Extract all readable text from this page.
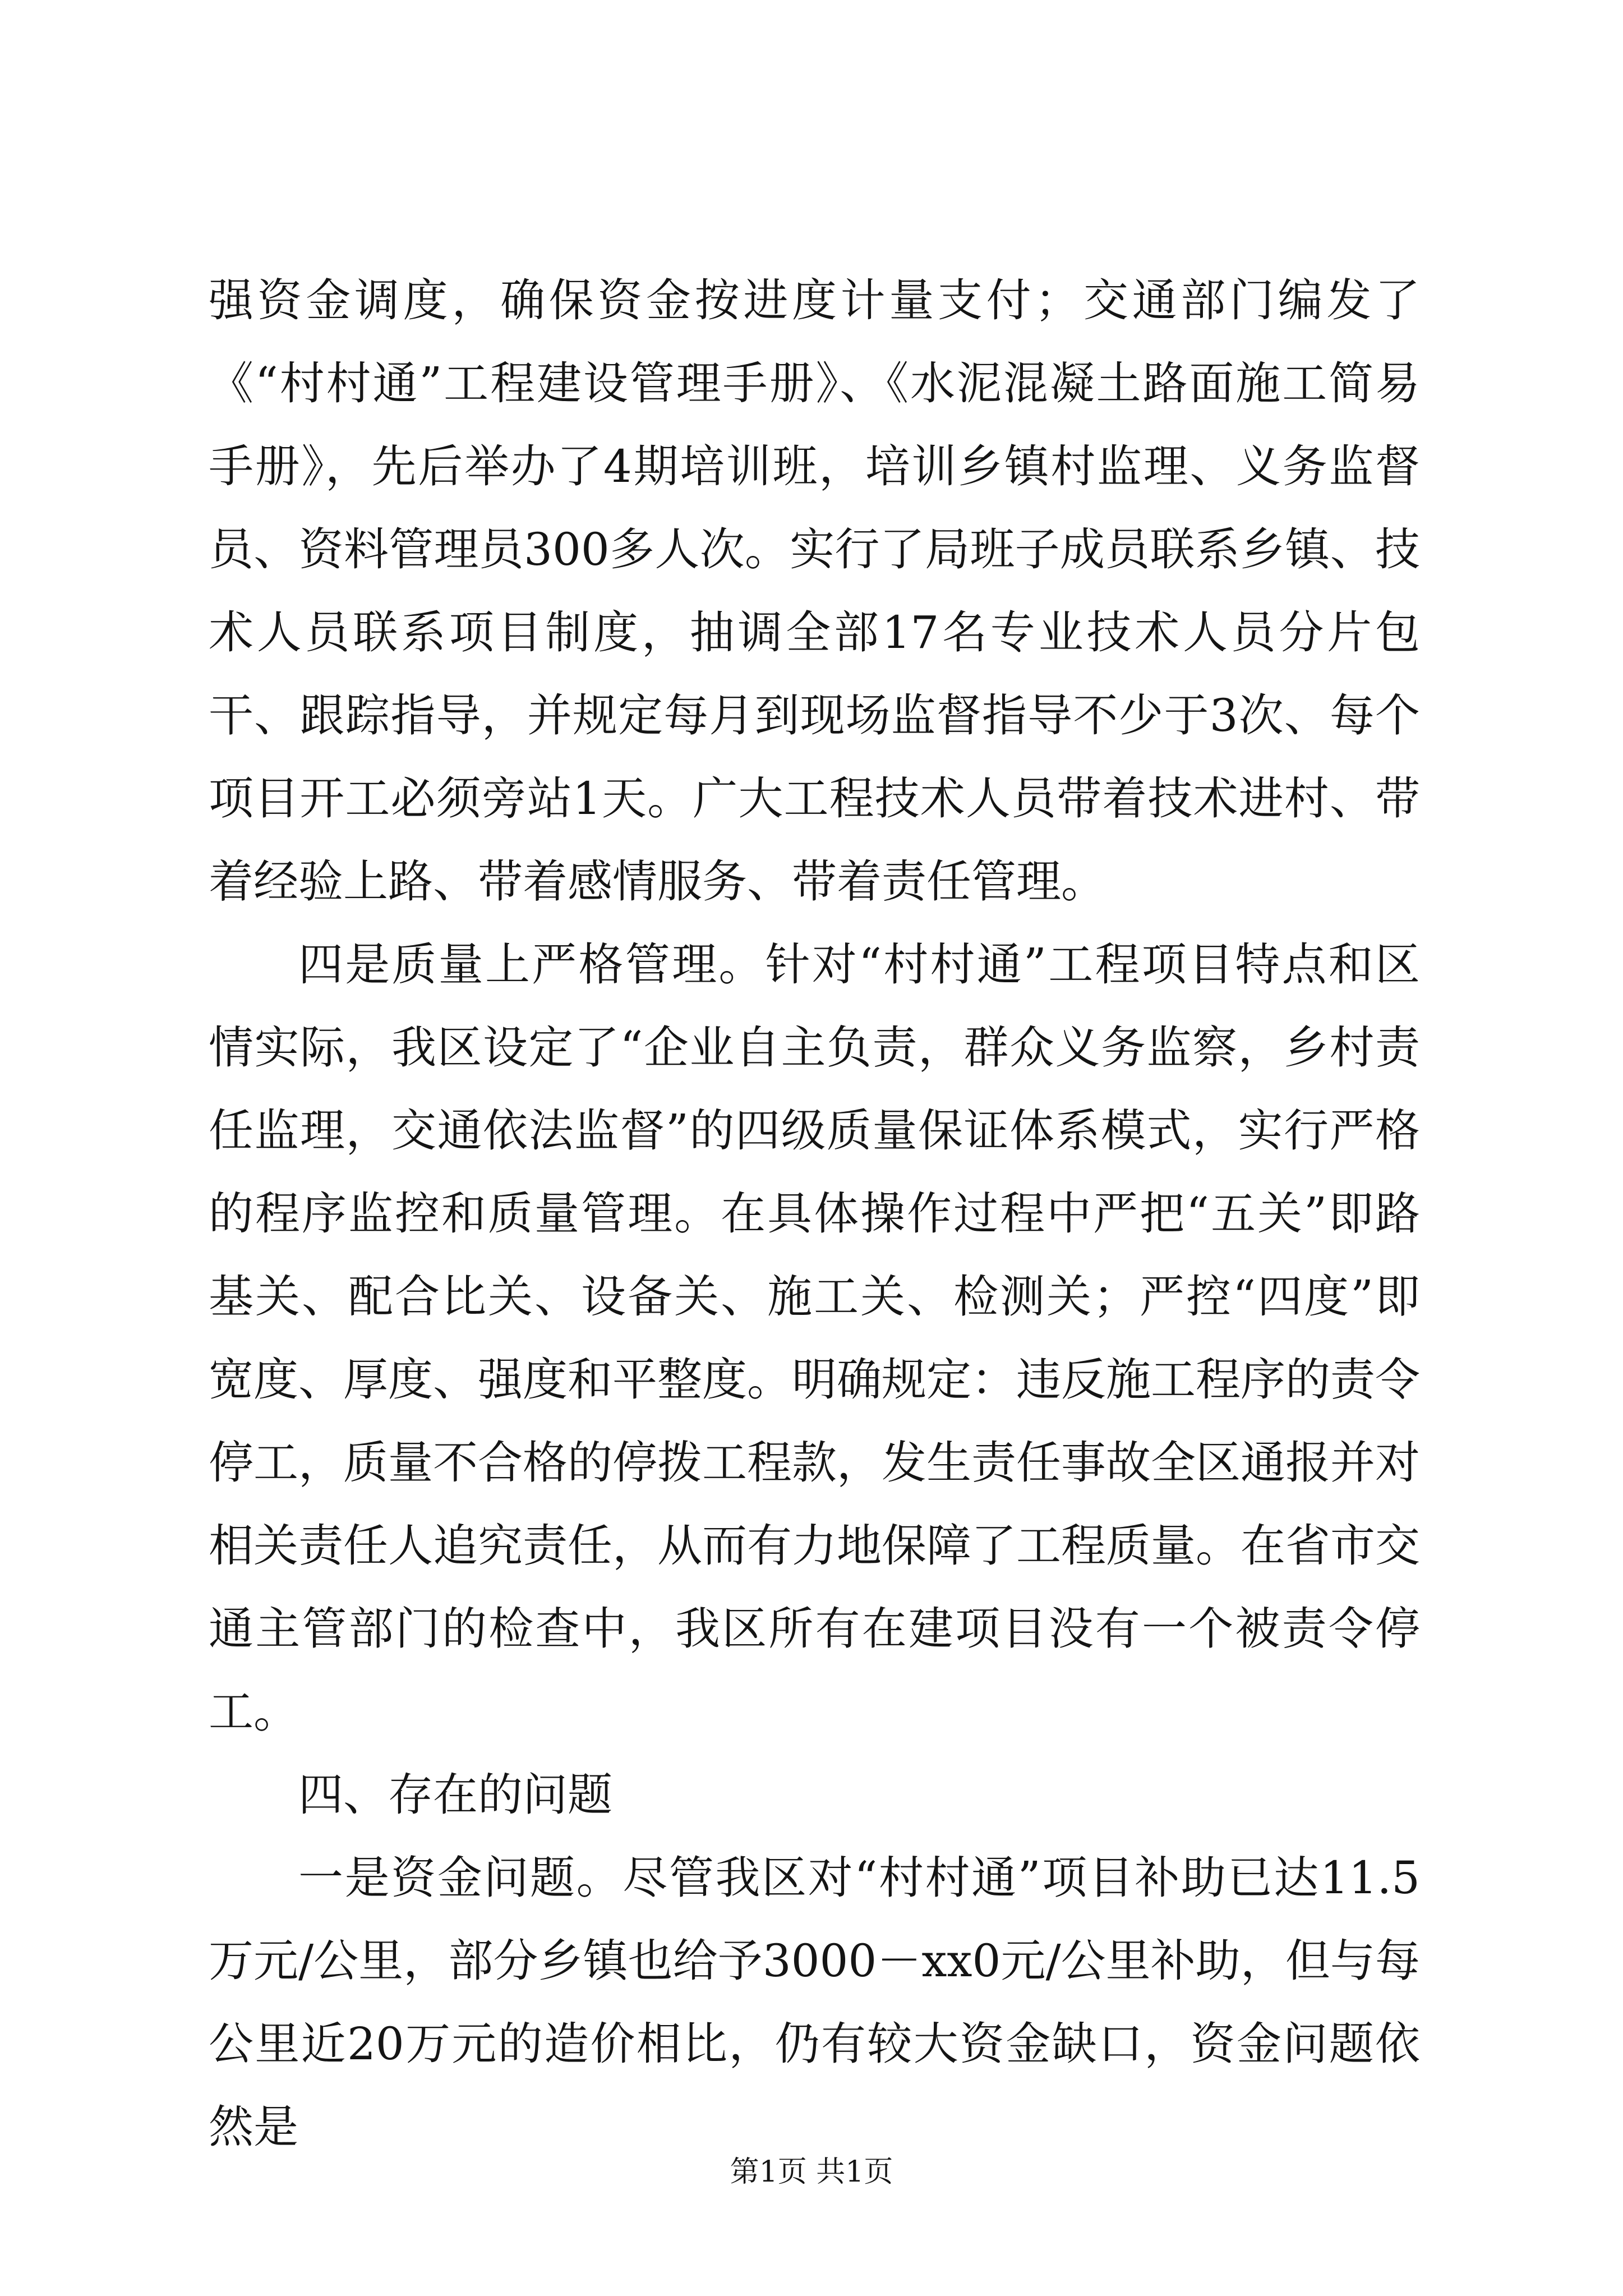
强资金调度，确保资金按进度计量支付；交通部门编发了《“村村通”工程建设管理手册》、《水泥混凝土路面施工简易手册》，先后举办了4期培训班，培训乡镇村监理、义务监督员、资料管理员300多人次。实行了局班子成员联系乡镇、技术人员联系项目制度，抽调全部17名专业技术人员分片包干、跟踪指导，并规定每月到现场监督指导不少于3次、每个项目开工必须旁站1天。广大工程技术人员带着技术进村、带着经验上路、带着感情服务、带着责任管理。

四是质量上严格管理。针对“村村通”工程项目特点和区情实际，我区设定了“企业自主负责，群众义务监察，乡村责任监理，交通依法监督”的四级质量保证体系模式，实行严格的程序监控和质量管理。在具体操作过程中严把“五关”即路基关、配合比关、设备关、施工关、检测关；严控“四度”即宽度、厚度、强度和平整度。明确规定：违反施工程序的责令停工，质量不合格的停拨工程款，发生责任事故全区通报并对相关责任人追究责任，从而有力地保障了工程质量。在省市交通主管部门的检查中，我区所有在建项目没有一个被责令停工。

四、存在的问题

一是资金问题。尽管我区对“村村通”项目补助已达11.5万元/公里，部分乡镇也给予3000－xx0元/公里补助，但与每公里近20万元的造价相比，仍有较大资金缺口，资金问题依然是

第1页 共1页
